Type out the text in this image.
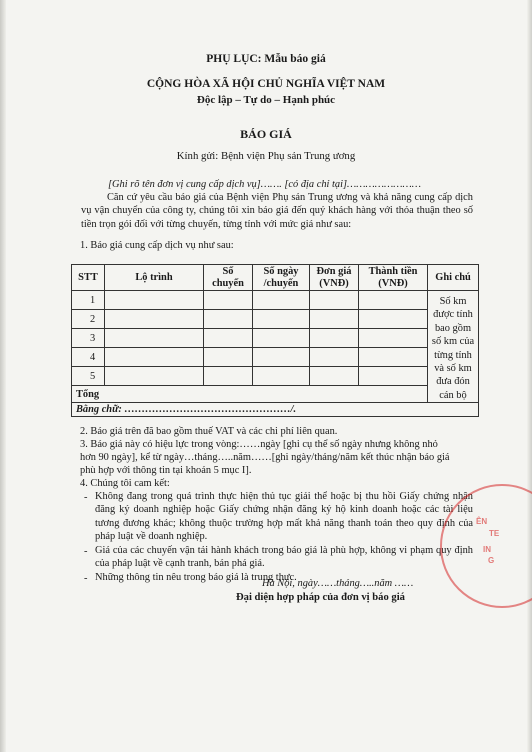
PHỤ LỤC: Mẫu báo giá
CỘNG HÒA XÃ HỘI CHỦ NGHĨA VIỆT NAM
Độc lập – Tự do – Hạnh phúc
BÁO GIÁ
Kính gửi: Bệnh viện Phụ sản Trung ương
[Ghi rõ tên đơn vị cung cấp dịch vụ]……. [có địa chỉ tại]……………………
Căn cứ yêu cầu báo giá của Bệnh viện Phụ sản Trung ương và khả năng cung cấp dịch vụ vận chuyển của công ty, chúng tôi xin báo giá đến quý khách hàng với thỏa thuận theo số tiền trọn gói đối với từng chuyến, từng tỉnh với mức giá như sau:
1. Báo giá cung cấp dịch vụ như sau:
STT	Lộ trình	Số chuyến	Số ngày /chuyến	Đơn giá (VNĐ)	Thành tiền (VNĐ)	Ghi chú
1						Số km được tính bao gồm số km của từng tỉnh và số km đưa đón cán bộ
2						
3						
4						
5						
Tổng						
Bằng chữ: …………………………………………/.						
2. Báo giá trên đã bao gồm thuế VAT và các chi phí liên quan.
3. Báo giá này có hiệu lực trong vòng:……ngày [ghi cụ thể số ngày nhưng không nhỏ
hơn 90 ngày], kể từ ngày…tháng…..năm……[ghi ngày/tháng/năm kết thúc nhận báo giá
phù hợp với thông tin tại khoản 5 mục I].
4. Chúng tôi cam kết:
- Không đang trong quá trình thực hiện thủ tục giải thể hoặc bị thu hồi Giấy chứng nhận đăng ký doanh nghiệp hoặc Giấy chứng nhận đăng ký hộ kinh doanh hoặc các tài liệu tương đương khác; không thuộc trường hợp mất khả năng thanh toán theo quy định của pháp luật về doanh nghiệp.
- Giá của các chuyến vận tải hành khách trong báo giá là phù hợp, không vi phạm quy định của pháp luật về cạnh tranh, bán phá giá.
- Những thông tin nêu trong báo giá là trung thực.
Hà Nội, ngày……tháng…..năm ……
Đại diện hợp pháp của đơn vị báo giá
ÊN
TE
IN
G
